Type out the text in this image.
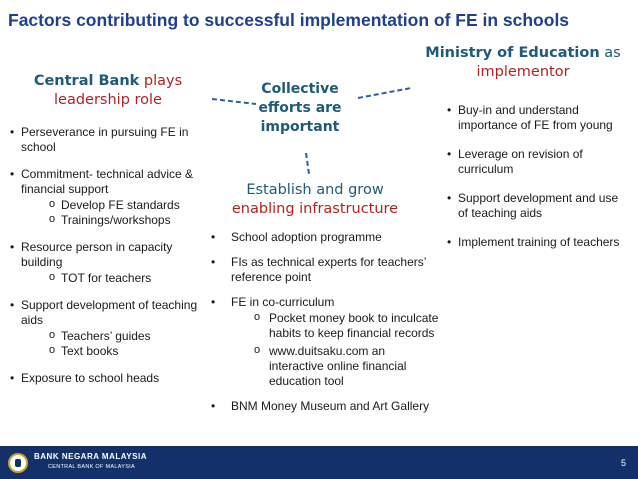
Factors contributing to successful implementation of FE in schools
Central Bank plays
leadership role
Collective
efforts are
important
Establish and grow
enabling infrastructure
Ministry of Education as
implementor
• Perseverance in pursuing FE in school
• Commitment- technical advice & financial support
o Develop FE standards
o Trainings/workshops
• Resource person in capacity building
o TOT for teachers
• Support development of teaching aids
o Teachers’ guides
o Text books
• Exposure to school heads
• School adoption programme
• FIs as technical experts for teachers’ reference point
• FE in co-curriculum
o Pocket money book to inculcate habits to keep financial records
o www.duitsaku.com an interactive online financial education tool
• BNM Money Museum and Art Gallery
• Buy-in and understand importance of FE from young
• Leverage on revision of curriculum
• Support development and use of teaching aids
• Implement training of teachers
BANK NEGARA MALAYSIA
CENTRAL BANK OF MALAYSIA	5
